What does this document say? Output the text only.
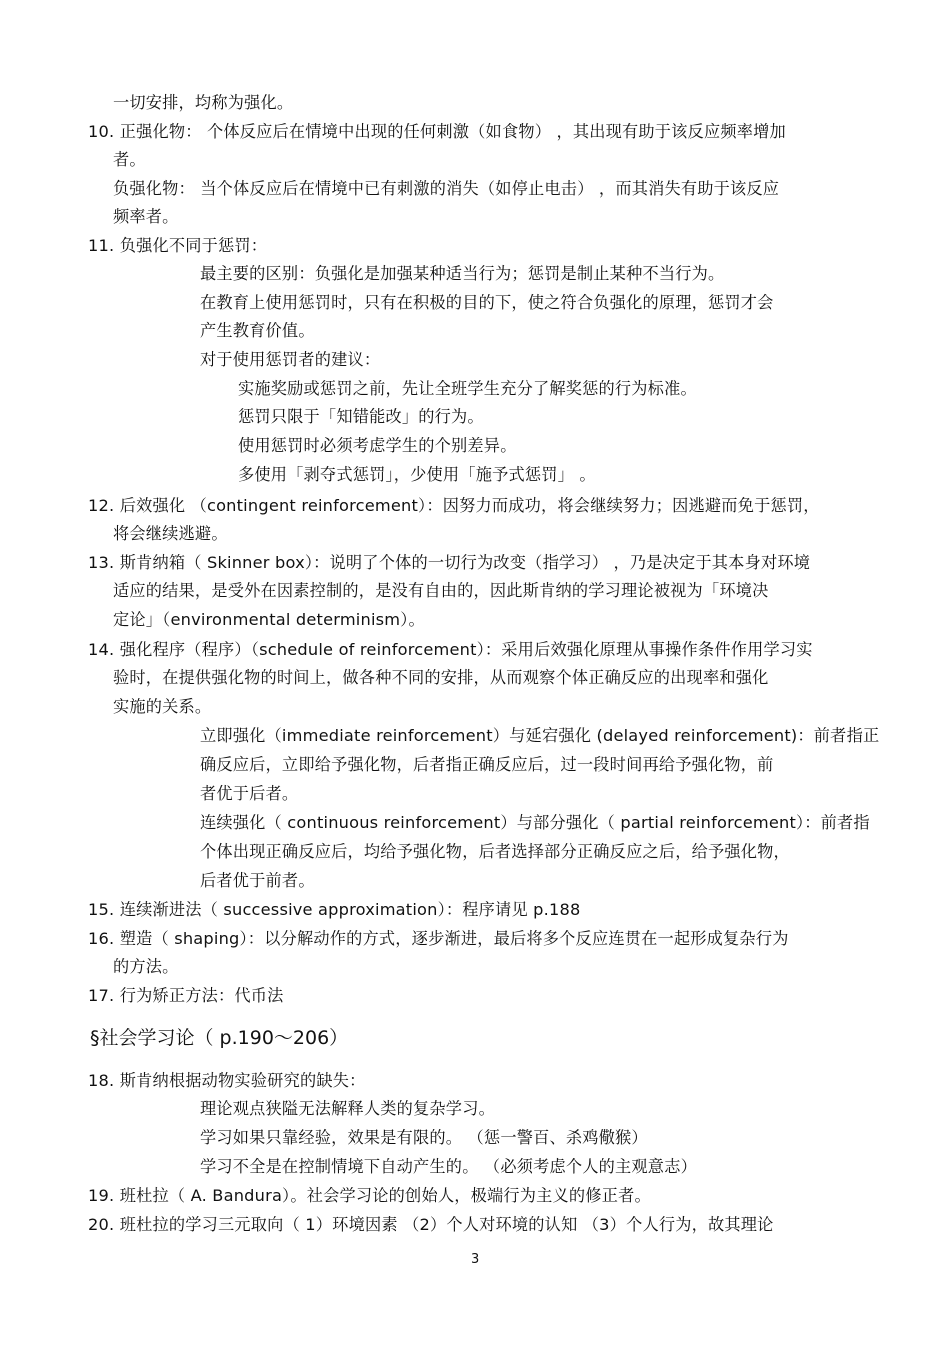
一切安排，均称为强化。
10. 正强化物： 个体反应后在情境中出现的任何刺激（如食物） ，其出现有助于该反应频率增加
者。
负强化物： 当个体反应后在情境中已有刺激的消失（如停止电击） ，而其消失有助于该反应
频率者。
11. 负强化不同于惩罚：
最主要的区别：负强化是加强某种适当行为；惩罚是制止某种不当行为。
在教育上使用惩罚时，只有在积极的目的下，使之符合负强化的原理，惩罚才会
产生教育价值。
对于使用惩罚者的建议：
实施奖励或惩罚之前，先让全班学生充分了解奖惩的行为标准。
惩罚只限于「知错能改」的行为。
使用惩罚时必须考虑学生的个别差异。
多使用「剥夺式惩罚」，少使用「施予式惩罚」 。
12. 后效强化 （contingent reinforcement）：因努力而成功，将会继续努力；因逃避而免于惩罚，
将会继续逃避。
13. 斯肯纳箱（ Skinner box）：说明了个体的一切行为改变（指学习） ，乃是决定于其本身对环境
适应的结果，是受外在因素控制的，是没有自由的，因此斯肯纳的学习理论被视为「环境决
定论」（environmental determinism）。
14. 强化程序（程序）（schedule of reinforcement）：采用后效强化原理从事操作条件作用学习实
验时，在提供强化物的时间上，做各种不同的安排，从而观察个体正确反应的出现率和强化
实施的关系。
立即强化（immediate reinforcement）与延宕强化 (delayed reinforcement)：前者指正
确反应后，立即给予强化物，后者指正确反应后，过一段时间再给予强化物，前
者优于后者。
连续强化（ continuous reinforcement）与部分强化（ partial reinforcement）：前者指
个体出现正确反应后，均给予强化物，后者选择部分正确反应之后，给予强化物，
后者优于前者。
15. 连续渐进法（ successive approximation）：程序请见 p.188
16. 塑造（ shaping）：以分解动作的方式，逐步渐进，最后将多个反应连贯在一起形成复杂行为
的方法。
17. 行为矫正方法：代币法
§社会学习论（ p.190～206）
18. 斯肯纳根据动物实验研究的缺失：
理论观点狭隘无法解释人类的复杂学习。
学习如果只靠经验，效果是有限的。 （惩一警百、杀鸡儆猴）
学习不全是在控制情境下自动产生的。 （必须考虑个人的主观意志）
19. 班杜拉（ A. Bandura）。社会学习论的创始人，极端行为主义的修正者。
20. 班杜拉的学习三元取向（ 1）环境因素 （2）个人对环境的认知 （3）个人行为，故其理论
3
